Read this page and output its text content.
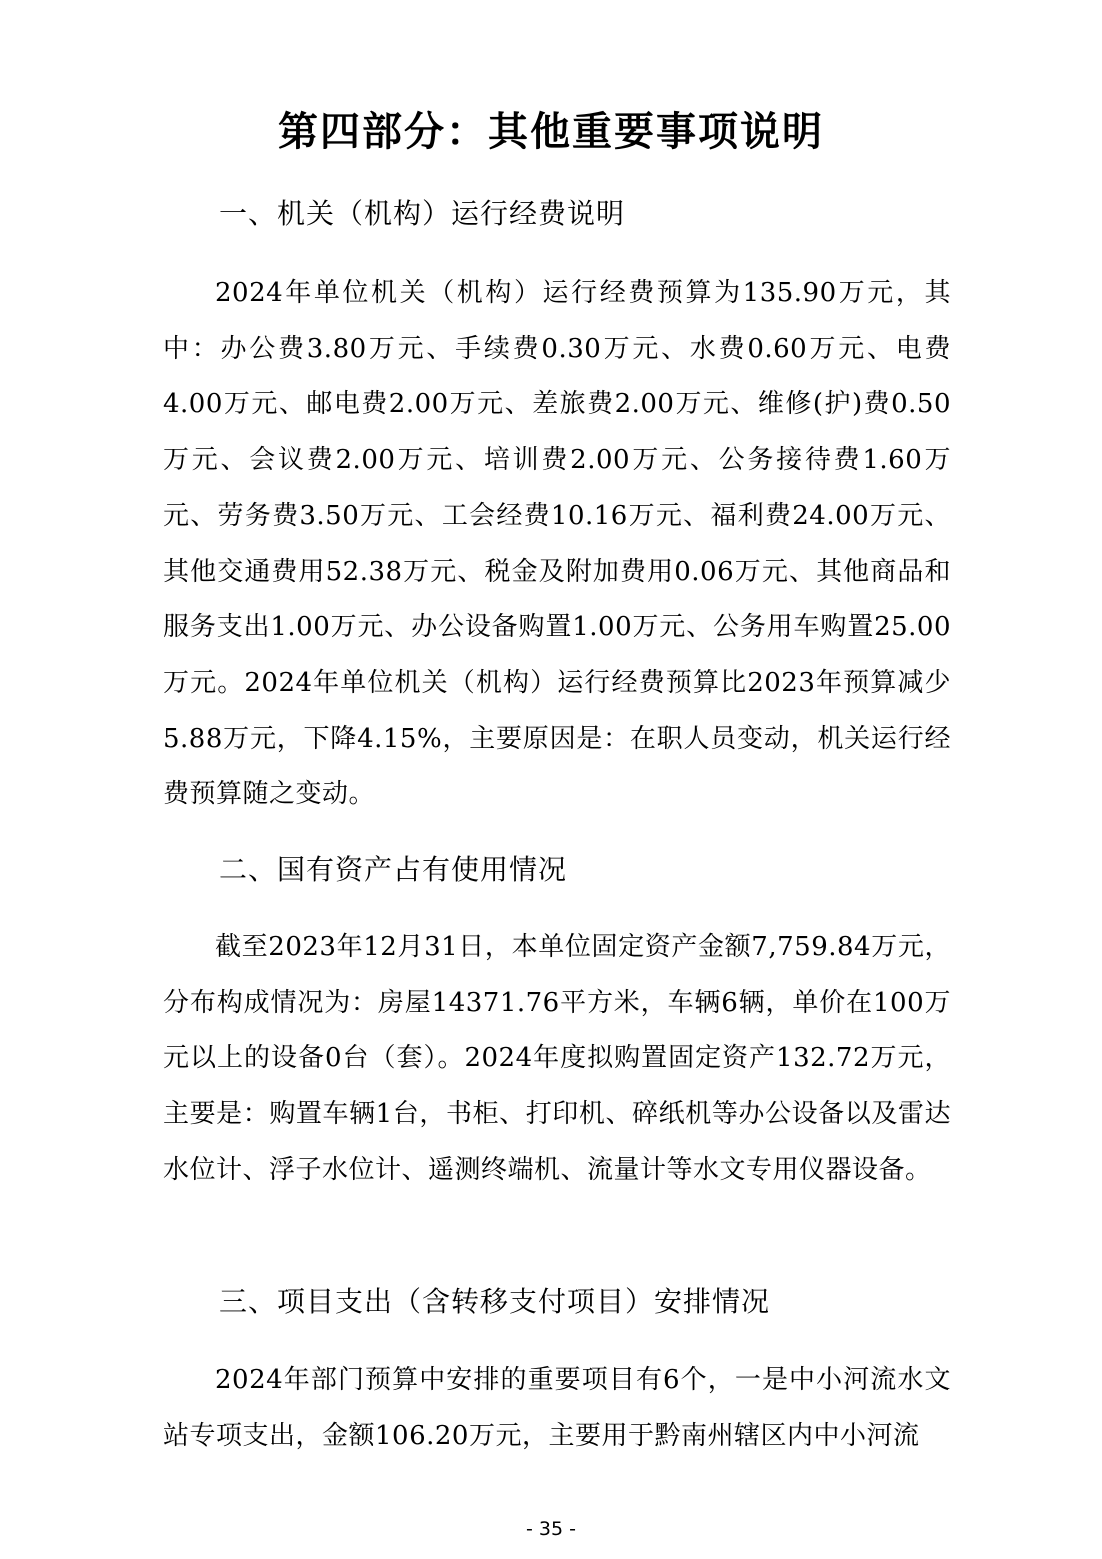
第四部分：其他重要事项说明
一、机关（机构）运行经费说明

2024年单位机关（机构）运行经费预算为135.90万元，其中：办公费3.80万元、手续费0.30万元、水费0.60万元、电费4.00万元、邮电费2.00万元、差旅费2.00万元、维修(护)费0.50万元、会议费2.00万元、培训费2.00万元、公务接待费1.60万元、劳务费3.50万元、工会经费10.16万元、福利费24.00万元、其他交通费用52.38万元、税金及附加费用0.06万元、其他商品和服务支出1.00万元、办公设备购置1.00万元、公务用车购置25.00万元。2024年单位机关（机构）运行经费预算比2023年预算减少5.88万元，下降4.15%，主要原因是：在职人员变动，机关运行经费预算随之变动。

二、国有资产占有使用情况

截至2023年12月31日，本单位固定资产金额7,759.84万元，分布构成情况为：房屋14371.76平方米，车辆6辆，单价在100万元以上的设备0台（套）。2024年度拟购置固定资产132.72万元，主要是：购置车辆1台，书柜、打印机、碎纸机等办公设备以及雷达水位计、浮子水位计、遥测终端机、流量计等水文专用仪器设备。

三、项目支出（含转移支付项目）安排情况

2024年部门预算中安排的重要项目有6个，一是中小河流水文站专项支出，金额106.20万元，主要用于黔南州辖区内中小河流

- 35 -
